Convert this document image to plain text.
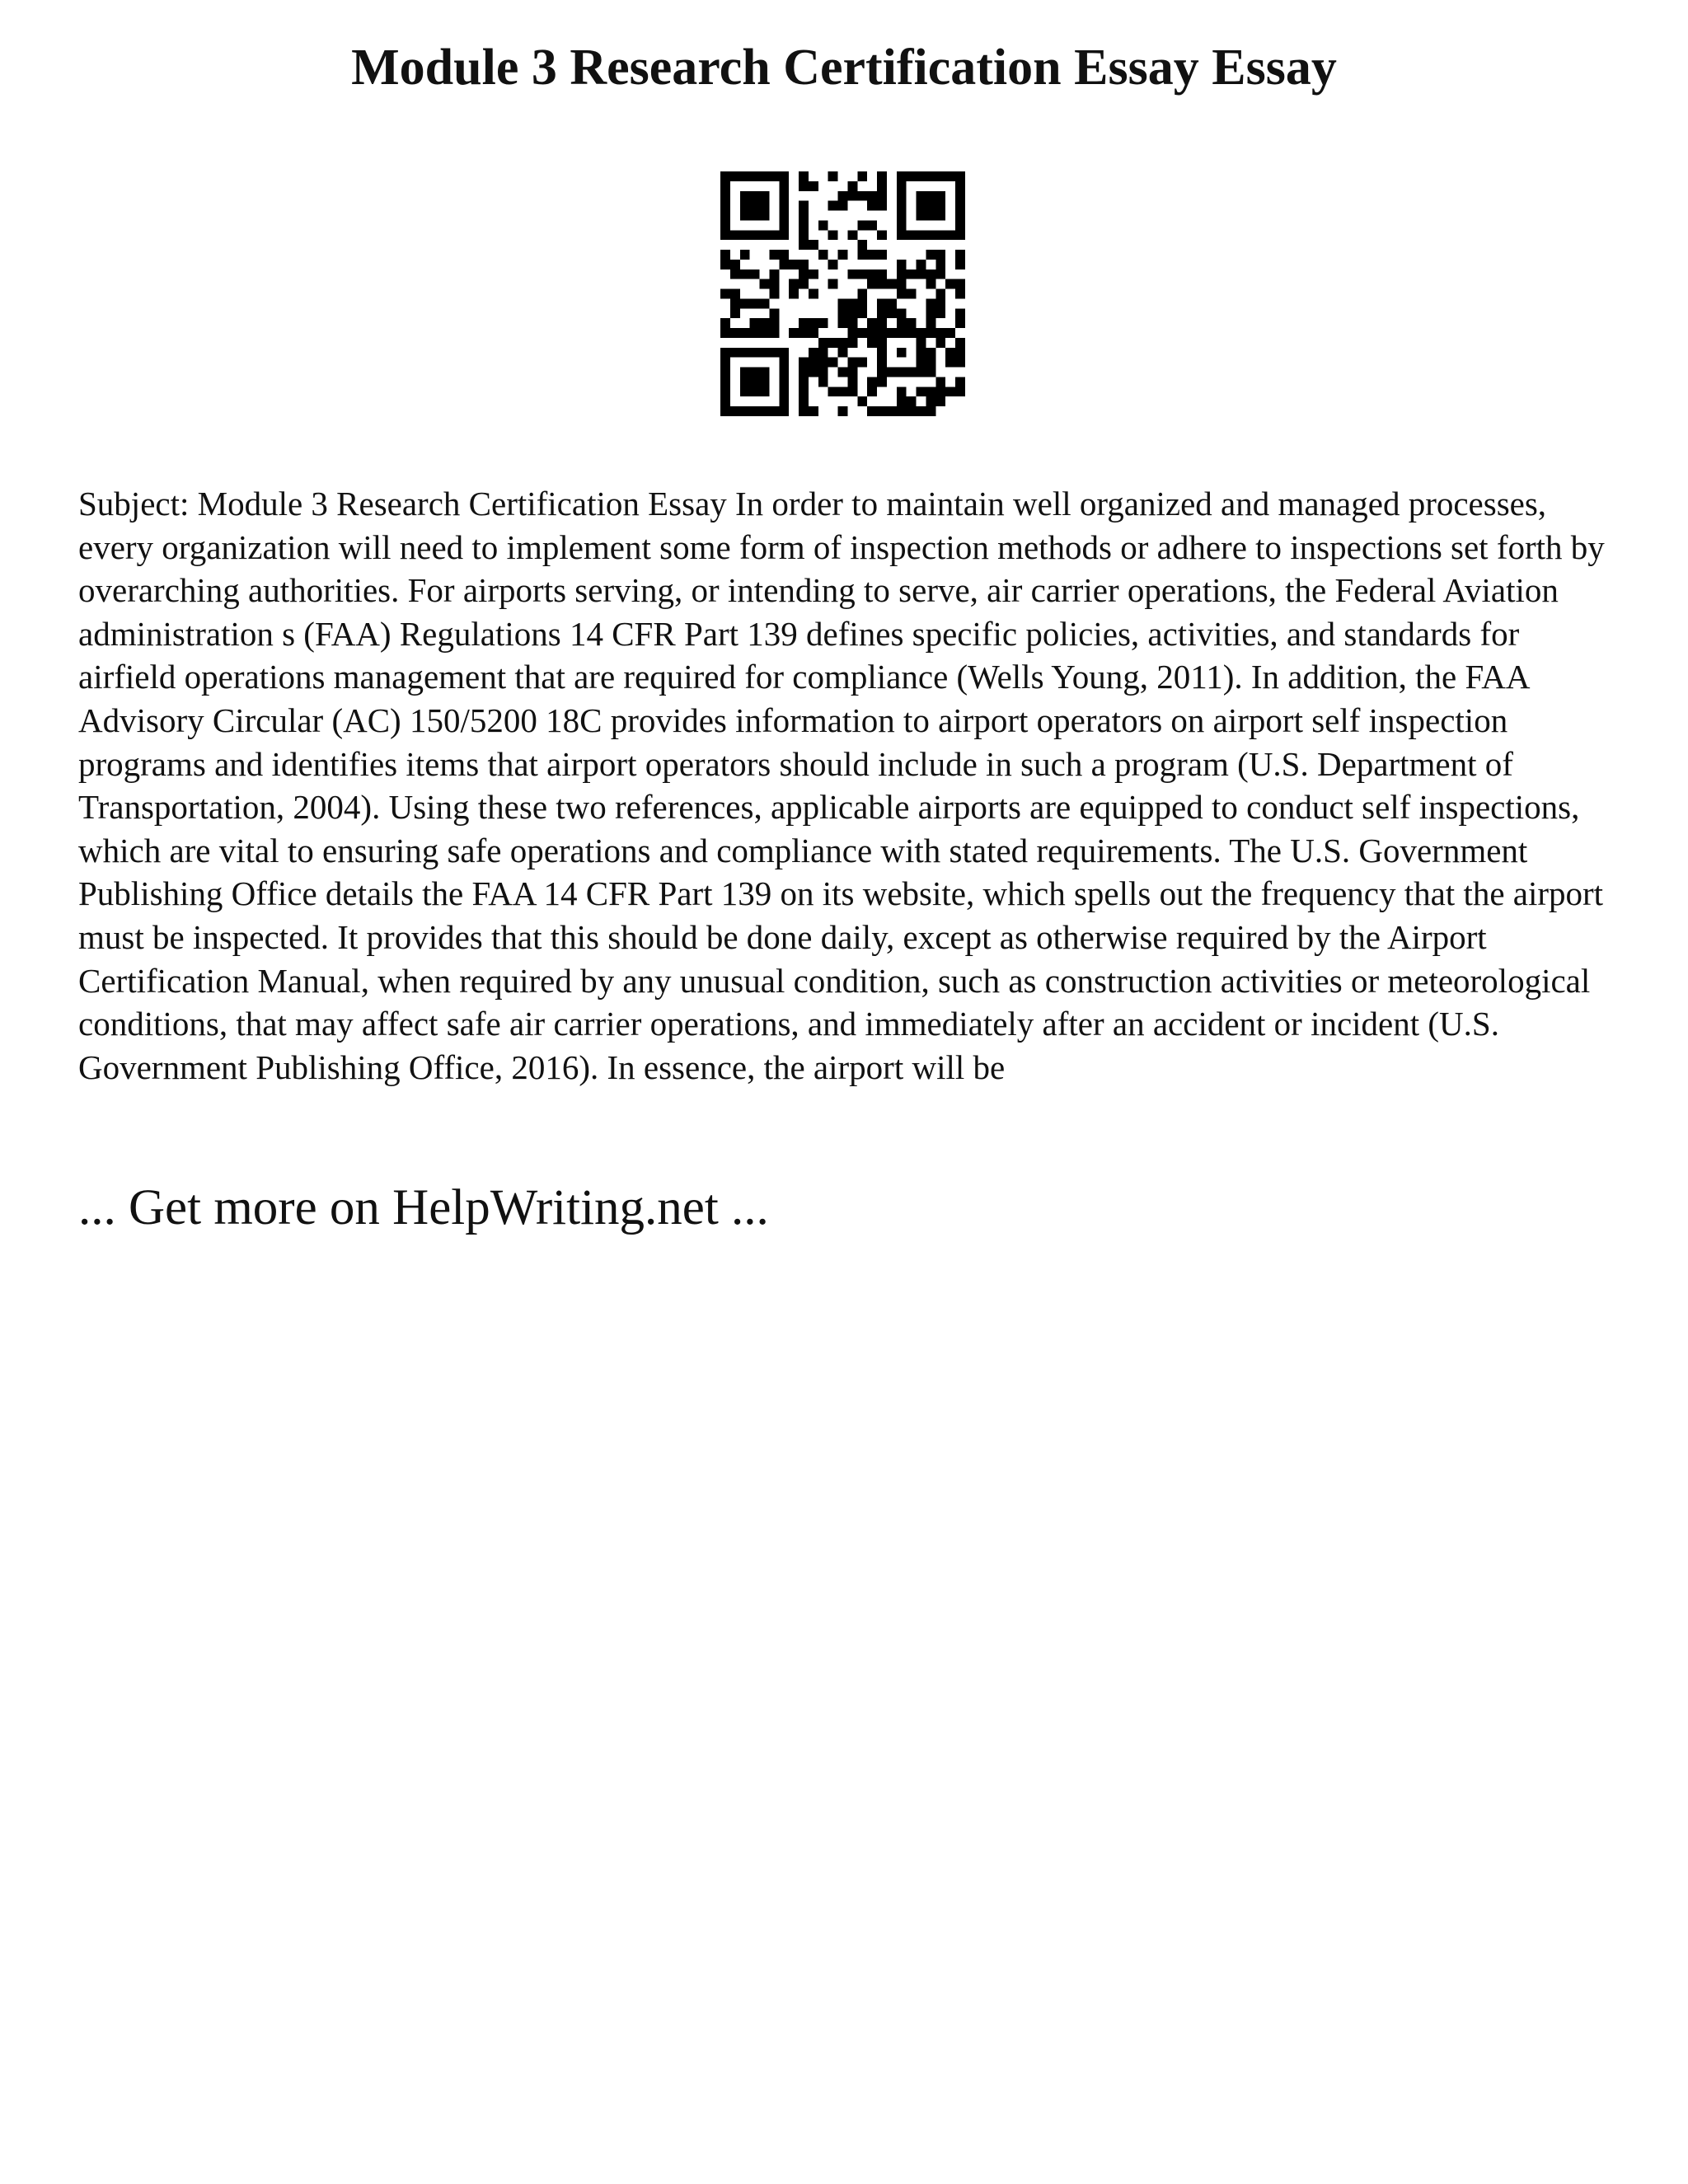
Module 3 Research Certification Essay Essay

Subject: Module 3 Research Certification Essay In order to maintain well organized and managed processes, every organization will need to implement some form of inspection methods or adhere to inspections set forth by overarching authorities. For airports serving, or intending to serve, air carrier operations, the Federal Aviation administration s (FAA) Regulations 14 CFR Part 139 defines specific policies, activities, and standards for airfield operations management that are required for compliance (Wells Young, 2011). In addition, the FAA Advisory Circular (AC) 150/5200 18C provides information to airport operators on airport self inspection programs and identifies items that airport operators should include in such a program (U.S. Department of Transportation, 2004). Using these two references, applicable airports are equipped to conduct self inspections, which are vital to ensuring safe operations and compliance with stated requirements. The U.S. Government Publishing Office details the FAA 14 CFR Part 139 on its website, which spells out the frequency that the airport must be inspected. It provides that this should be done daily, except as otherwise required by the Airport Certification Manual, when required by any unusual condition, such as construction activities or meteorological conditions, that may affect safe air carrier operations, and immediately after an accident or incident (U.S. Government Publishing Office, 2016). In essence, the airport will be

... Get more on HelpWriting.net ...
